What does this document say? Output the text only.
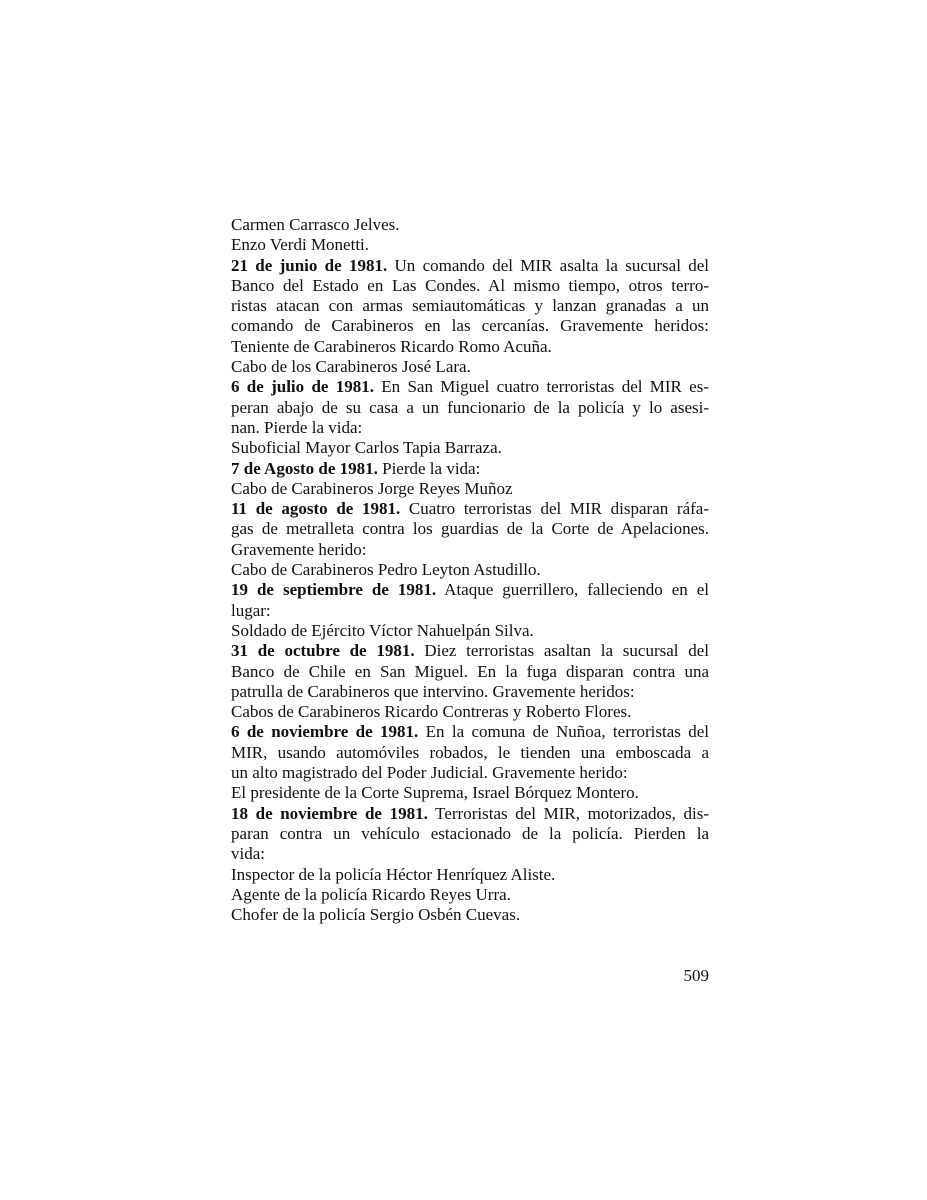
Carmen Carrasco Jelves.
Enzo Verdi Monetti.
21 de junio de 1981. Un comando del MIR asalta la sucursal del
Banco del Estado en Las Condes. Al mismo tiempo, otros terro-
ristas atacan con armas semiautomáticas y lanzan granadas a un
comando de Carabineros en las cercanías. Gravemente heridos:
Teniente de Carabineros Ricardo Romo Acuña.
Cabo de los Carabineros José Lara.
6 de julio de 1981. En San Miguel cuatro terroristas del MIR es-
peran abajo de su casa a un funcionario de la policía y lo asesi-
nan. Pierde la vida:
Suboficial Mayor Carlos Tapia Barraza.
7 de Agosto de 1981. Pierde la vida:
Cabo de Carabineros Jorge Reyes Muñoz
11 de agosto de 1981. Cuatro terroristas del MIR disparan ráfa-
gas de metralleta contra los guardias de la Corte de Apelaciones.
Gravemente herido:
Cabo de Carabineros Pedro Leyton Astudillo.
19 de septiembre de 1981. Ataque guerrillero, falleciendo en el
lugar:
Soldado de Ejército Víctor Nahuelpán Silva.
31 de octubre de 1981. Diez terroristas asaltan la sucursal del
Banco de Chile en San Miguel. En la fuga disparan contra una
patrulla de Carabineros que intervino. Gravemente heridos:
Cabos de Carabineros Ricardo Contreras y Roberto Flores.
6 de noviembre de 1981. En la comuna de Nuñoa, terroristas del
MIR, usando automóviles robados, le tienden una emboscada a
un alto magistrado del Poder Judicial. Gravemente herido:
El presidente de la Corte Suprema, Israel Bórquez Montero.
18 de noviembre de 1981. Terroristas del MIR, motorizados, dis-
paran contra un vehículo estacionado de la policía. Pierden la
vida:
Inspector de la policía Héctor Henríquez Aliste.
Agente de la policía Ricardo Reyes Urra.
Chofer de la policía Sergio Osbén Cuevas.
509
